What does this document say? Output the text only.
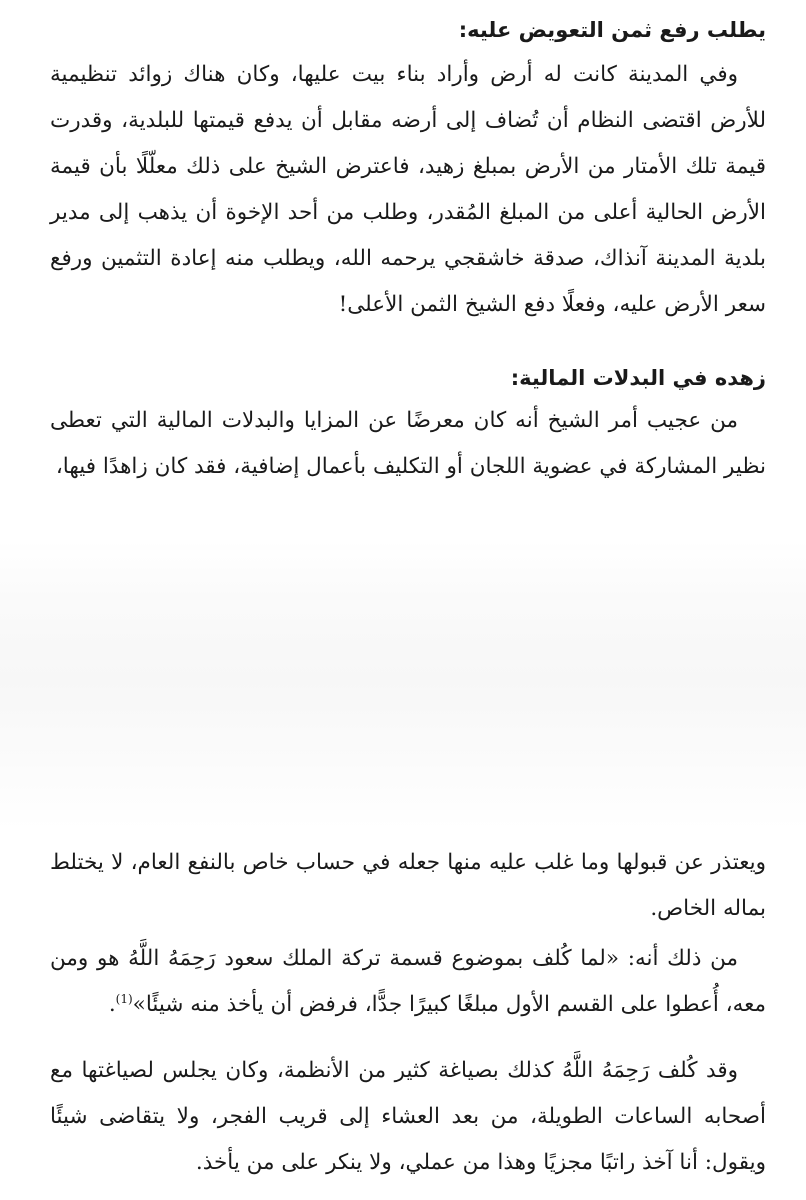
يطلب رفع ثمن التعويض عليه:

وفي المدينة كانت له أرض وأراد بناء بيت عليها، وكان هناك زوائد تنظيمية للأرض اقتضى النظام أن تُضاف إلى أرضه مقابل أن يدفع قيمتها للبلدية، وقدرت قيمة تلك الأمتار من الأرض بمبلغ زهيد، فاعترض الشيخ على ذلك معلّلًا بأن قيمة الأرض الحالية أعلى من المبلغ المُقدر، وطلب من أحد الإخوة أن يذهب إلى مدير بلدية المدينة آنذاك، صدقة خاشقجي يرحمه الله، ويطلب منه إعادة التثمين ورفع سعر الأرض عليه، وفعلًا دفع الشيخ الثمن الأعلى!

زهده في البدلات المالية:

من عجيب أمر الشيخ أنه كان معرضًا عن المزايا والبدلات المالية التي تعطى نظير المشاركة في عضوية اللجان أو التكليف بأعمال إضافية، فقد كان زاهدًا فيها،

ويعتذر عن قبولها وما غلب عليه منها جعله في حساب خاص بالنفع العام، لا يختلط بماله الخاص.

من ذلك أنه: «لما كُلف بموضوع قسمة تركة الملك سعود رَحِمَهُ اللَّهُ هو ومن معه، أُعطوا على القسم الأول مبلغًا كبيرًا جدًّا، فرفض أن يأخذ منه شيئًا»$^{(1)}$.

وقد كُلف رَحِمَهُ اللَّهُ كذلك بصياغة كثير من الأنظمة، وكان يجلس لصياغتها مع أصحابه الساعات الطويلة، من بعد العشاء إلى قريب الفجر، ولا يتقاضى شيئًا ويقول: أنا آخذ راتبًا مجزيًا وهذا من عملي، ولا ينكر على من يأخذ.
